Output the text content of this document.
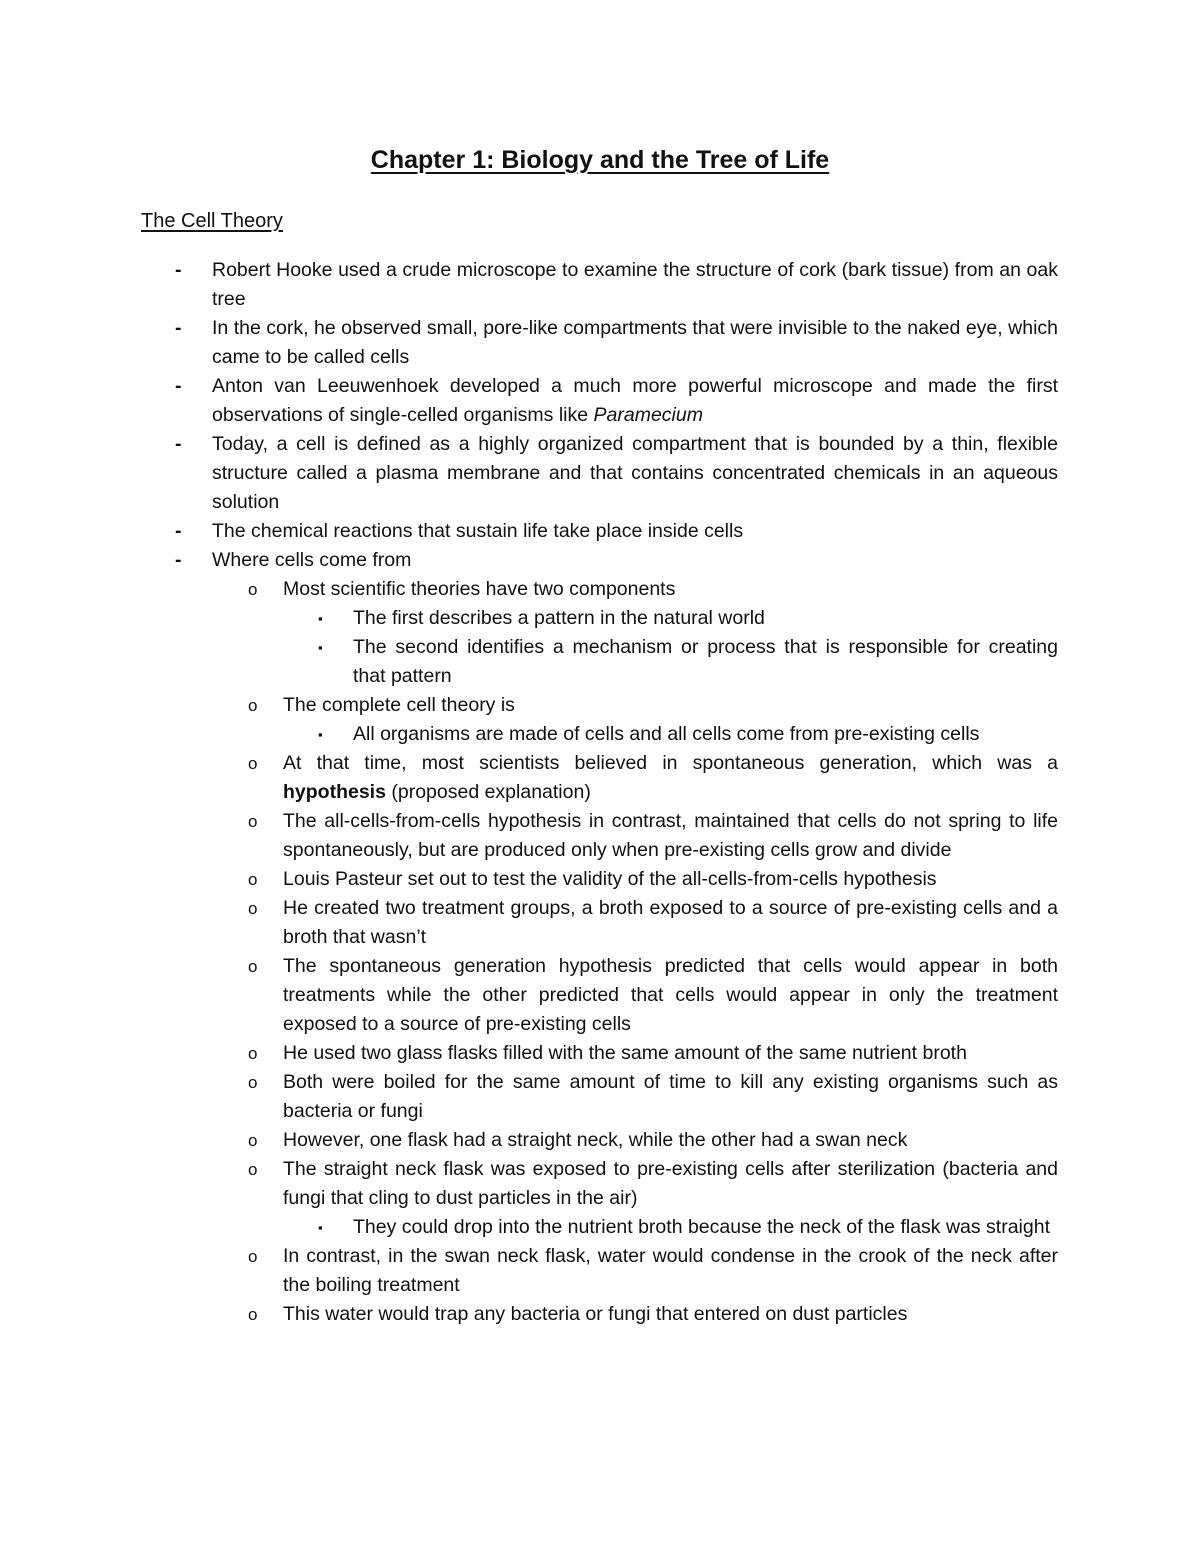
Chapter 1: Biology and the Tree of Life
The Cell Theory
- Robert Hooke used a crude microscope to examine the structure of cork (bark tissue) from an oak tree
- In the cork, he observed small, pore-like compartments that were invisible to the naked eye, which came to be called cells
- Anton van Leeuwenhoek developed a much more powerful microscope and made the first observations of single-celled organisms like Paramecium
- Today, a cell is defined as a highly organized compartment that is bounded by a thin, flexible structure called a plasma membrane and that contains concentrated chemicals in an aqueous solution
- The chemical reactions that sustain life take place inside cells
- Where cells come from
o Most scientific theories have two components
▪ The first describes a pattern in the natural world
▪ The second identifies a mechanism or process that is responsible for creating that pattern
o The complete cell theory is
▪ All organisms are made of cells and all cells come from pre-existing cells
o At that time, most scientists believed in spontaneous generation, which was a hypothesis (proposed explanation)
o The all-cells-from-cells hypothesis in contrast, maintained that cells do not spring to life spontaneously, but are produced only when pre-existing cells grow and divide
o Louis Pasteur set out to test the validity of the all-cells-from-cells hypothesis
o He created two treatment groups, a broth exposed to a source of pre-existing cells and a broth that wasn’t
o The spontaneous generation hypothesis predicted that cells would appear in both treatments while the other predicted that cells would appear in only the treatment exposed to a source of pre-existing cells
o He used two glass flasks filled with the same amount of the same nutrient broth
o Both were boiled for the same amount of time to kill any existing organisms such as bacteria or fungi
o However, one flask had a straight neck, while the other had a swan neck
o The straight neck flask was exposed to pre-existing cells after sterilization (bacteria and fungi that cling to dust particles in the air)
▪ They could drop into the nutrient broth because the neck of the flask was straight
o In contrast, in the swan neck flask, water would condense in the crook of the neck after the boiling treatment
o This water would trap any bacteria or fungi that entered on dust particles
